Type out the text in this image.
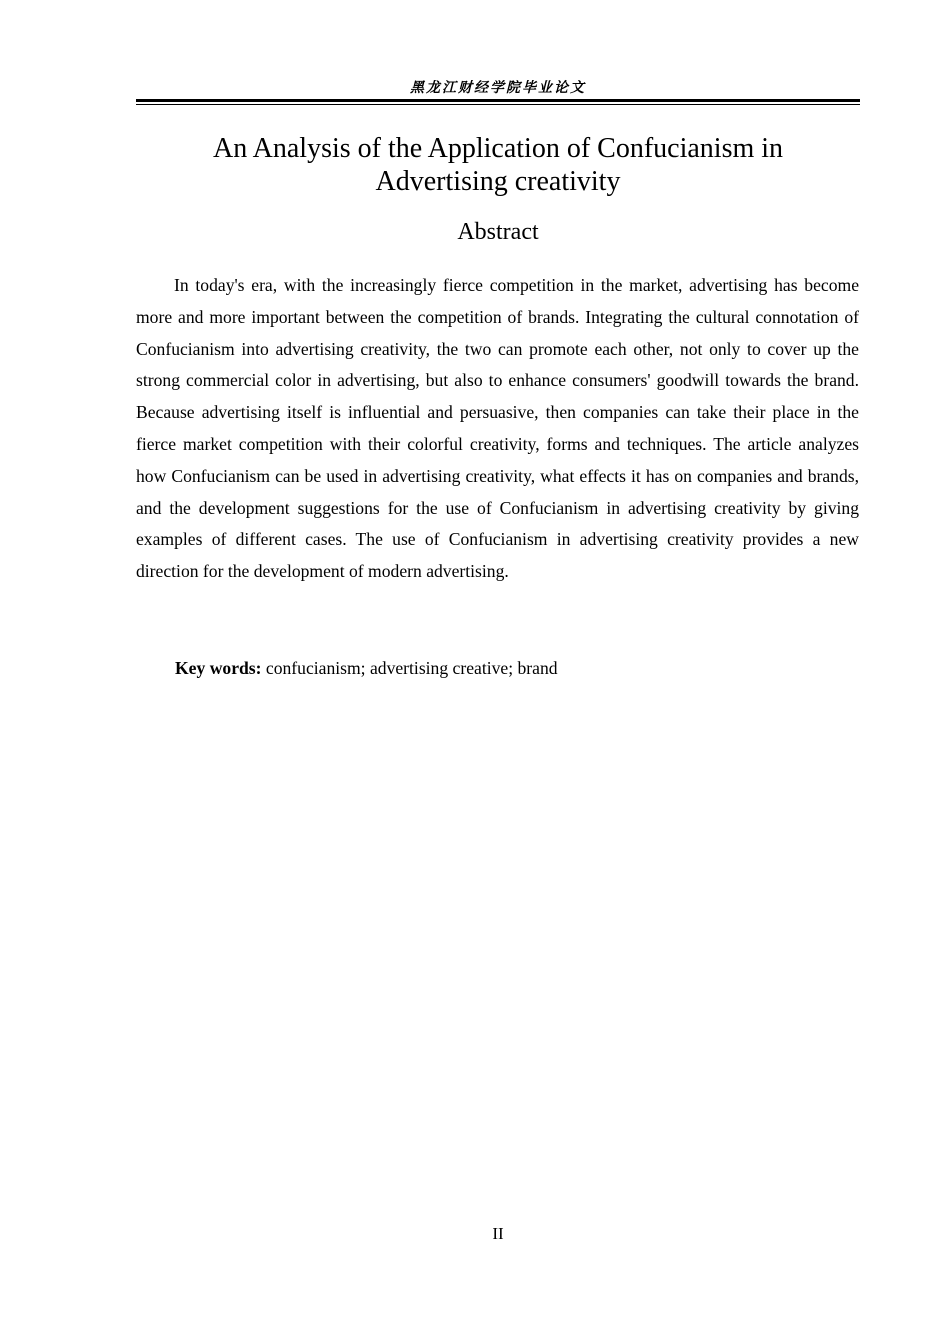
黑龙江财经学院毕业论文
An Analysis of the Application of Confucianism in
Advertising creativity
Abstract

In today's era, with the increasingly fierce competition in the market, advertising has become more and more important between the competition of brands. Integrating the cultural connotation of Confucianism into advertising creativity, the two can promote each other, not only to cover up the strong commercial color in advertising, but also to enhance consumers' goodwill towards the brand. Because advertising itself is influential and persuasive, then companies can take their place in the fierce market competition with their colorful creativity, forms and techniques. The article analyzes how Confucianism can be used in advertising creativity, what effects it has on companies and brands, and the development suggestions for the use of Confucianism in advertising creativity by giving examples of different cases. The use of Confucianism in advertising creativity provides a new direction for the development of modern advertising.

Key words: confucianism; advertising creative; brand

II
